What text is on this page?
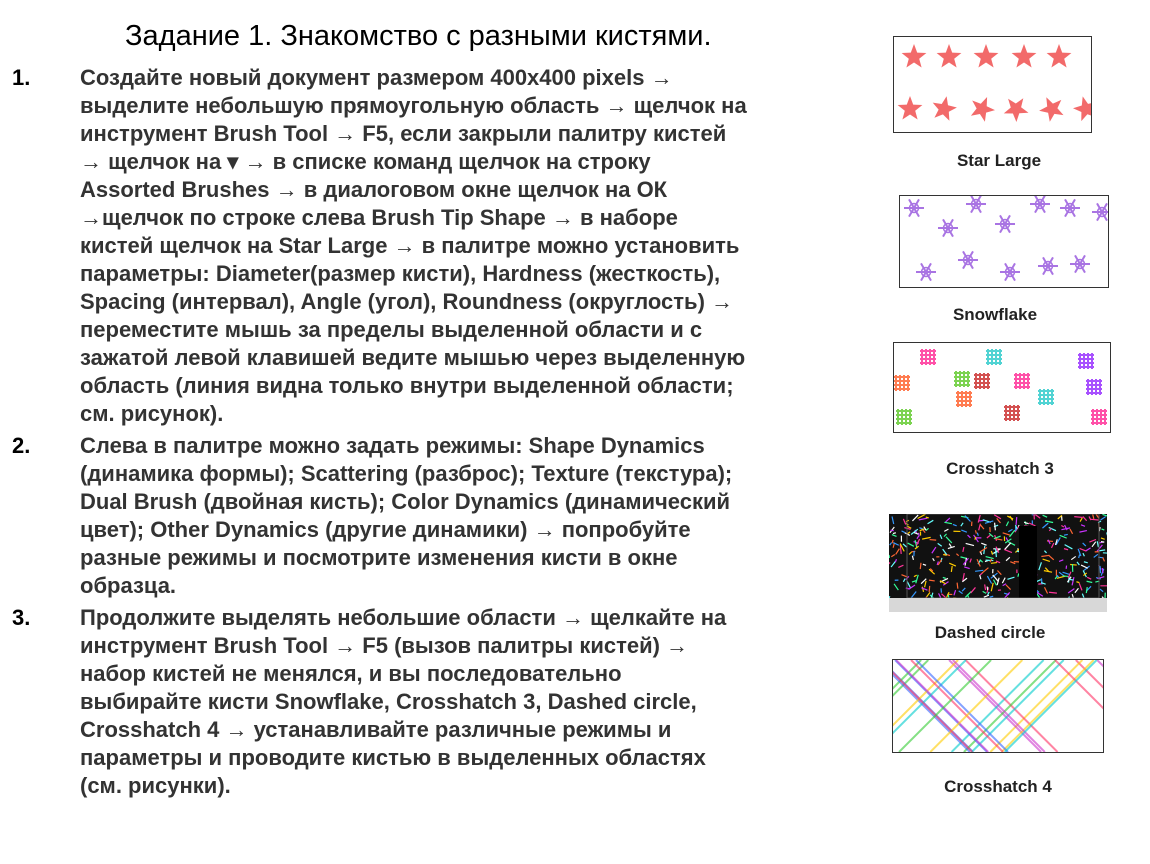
Задание 1. Знакомство с разными кистями.
1. Создайте новый документ размером 400x400 pixels →
выделите небольшую прямоугольную область → щелчок на
инструмент Brush Tool → F5, если закрыли палитру кистей
→ щелчок на ▾ → в списке команд щелчок на строку
Assorted Brushes → в диалоговом окне щелчок на ОК
→щелчок по строке слева Brush Tip Shape → в наборе
кистей щелчок на Star Large → в палитре можно установить
параметры: Diameter(размер кисти), Hardness (жесткость),
Spacing (интервал), Angle (угол), Roundness (округлость) →
переместите мышь за пределы выделенной области и с
зажатой левой клавишей ведите мышью через выделенную
область (линия видна только внутри выделенной области;
см. рисунок).
2. Слева в палитре можно задать режимы: Shape Dynamics
(динамика формы); Scattering (разброс); Texture (текстура);
Dual Brush (двойная кисть); Color Dynamics (динамический
цвет); Other Dynamics (другие динамики) → попробуйте
разные режимы и посмотрите изменения кисти в окне
образца.
3. Продолжите выделять небольшие области → щелкайте на
инструмент Brush Tool → F5 (вызов палитры кистей) →
набор кистей не менялся, и вы последовательно
выбирайте кисти Snowflake, Crosshatch 3, Dashed circle,
Crosshatch 4 → устанавливайте различные режимы и
параметры и проводите кистью в выделенных областях
(см. рисунки).
Star Large
Snowflake
Crosshatch 3
Dashed circle
Crosshatch 4
